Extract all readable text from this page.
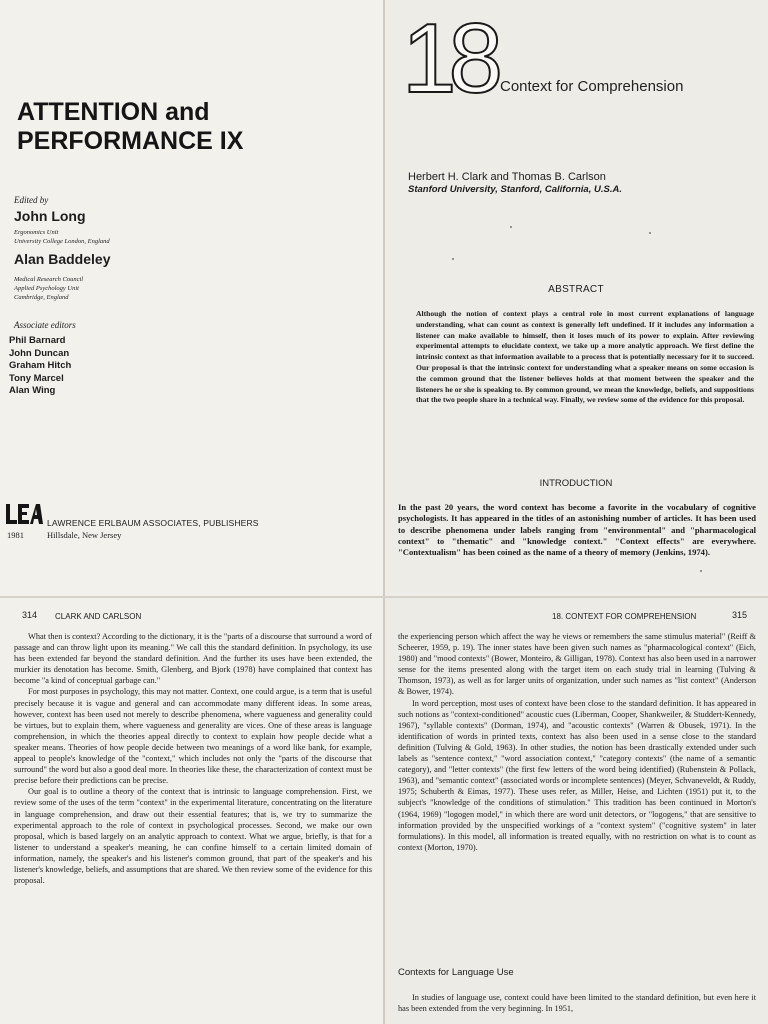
ATTENTION and
PERFORMANCE IX
Edited by
John Long
Ergonomics Unit
University College London, England
Alan Baddeley
Medical Research Council
Applied Psychology Unit
Cambridge, England
Associate editors
Phil Barnard
John Duncan
Graham Hitch
Tony Marcel
Alan Wing
LAWRENCE ERLBAUM ASSOCIATES, PUBLISHERS
1981	Hillsdale, New Jersey
18 Context for Comprehension
Herbert H. Clark and Thomas B. Carlson
Stanford University, Stanford, California, U.S.A.
ABSTRACT

Although the notion of context plays a central role in most current explanations of language understanding, what can count as context is generally left undefined. If it includes any information a listener can make available to himself, then it loses much of its power to explain. After reviewing experimental attempts to elucidate context, we take up a more analytic approach. We first define the intrinsic context as that information available to a process that is potentially necessary for it to succeed. Our proposal is that the intrinsic context for understanding what a speaker means on some occasion is the common ground that the listener believes holds at that moment between the speaker and the listeners he or she is speaking to. By common ground, we mean the knowledge, beliefs, and suppositions that the two people share in a technical way. Finally, we review some of the evidence for this proposal.

INTRODUCTION

In the past 20 years, the word context has become a favorite in the vocabulary of cognitive psychologists. It has appeared in the titles of an astonishing number of articles. It has been used to describe phenomena under labels ranging from "environmental" and "pharmacological context" to "thematic" and "knowledge context." "Context effects" are everywhere. "Contextualism" has been coined as the name of a theory of memory (Jenkins, 1974).

314 CLARK AND CARLSON

What then is context? According to the dictionary, it is the "parts of a discourse that surround a word of passage and can throw light upon its meaning." We call this the standard definition. In psychology, its use has been extended far beyond the standard definition. And the further its uses have been extended, the murkier its denotation has become. Smith, Glenberg, and Bjork (1978) have complained that context has become "a kind of conceptual garbage can."

For most purposes in psychology, this may not matter. Context, one could argue, is a term that is useful precisely because it is vague and general and can accommodate many different ideas. In some areas, however, context has been used not merely to describe phenomena, where vagueness and generality could be virtues, but to explain them, where vagueness and generality are vices. One of these areas is language comprehension, in which the theories appeal directly to context to explain how people decide what a speaker means. Theories of how people decide between two meanings of a word like bank, for example, appeal to people's knowledge of the "context," which includes not only the "parts of the discourse that surround" the word but also a good deal more. In theories like these, the characterization of context must be precise before their predictions can be precise.

Our goal is to outline a theory of the context that is intrinsic to language comprehension. First, we review some of the uses of the term "context" in the experimental literature, concentrating on the literature in language comprehension, and draw out their essential features; that is, we try to summarize the experimental approach to the role of context in psychological processes. Second, we make our own proposal, which is based largely on an analytic approach to context. What we argue, briefly, is that for a listener to understand a speaker's meaning, he can confine himself to a certain limited domain of information, namely, the speaker's and his listener's common ground, that part of the speaker's and his listener's knowledge, beliefs, and assumptions that are shared. We then review some of the evidence for this proposal.

18. CONTEXT FOR COMPREHENSION	315

the experiencing person which affect the way he views or remembers the same stimulus material" (Reiff & Scheerer, 1959, p. 19). The inner states have been given such names as "pharmacological context" (Eich, 1980) and "mood contexts" (Bower, Monteiro, & Gilligan, 1978). Context has also been used in a narrower sense for the items presented along with the target item on each study trial in learning (Tulving & Thomson, 1973), as well as for larger units of organization, under such names as "list context" (Anderson & Bower, 1974).

In word perception, most uses of context have been close to the standard definition. It has appeared in such notions as "context-conditioned" acoustic cues (Liberman, Cooper, Shankweiler, & Studdert-Kennedy, 1967), "syllable contexts" (Dorman, 1974), and "acoustic contexts" (Warren & Obusek, 1971). In the identification of words in printed texts, context has also been used in a sense close to the standard definition (Tulving & Gold, 1963). In other studies, the notion has been drastically extended under such labels as "sentence context," "word association context," "category contexts" (the name of a semantic category), and "letter contexts" (the first few letters of the word being identified) (Rubenstein & Pollack, 1963), and "semantic context" (associated words or incomplete sentences) (Meyer, Schvaneveldt, & Ruddy, 1975; Schuberth & Eimas, 1977). These uses refer, as Miller, Heise, and Lichten (1951) put it, to the subject's "knowledge of the conditions of stimulation." This tradition has been continued in Morton's (1964, 1969) "logogen model," in which there are word unit detectors, or "logogens," that are sensitive to information provided by the unspecified workings of a "context system" ("cognitive system" in later formulations). In this model, all information is treated equally, with no restriction on what is to count as context (Morton, 1970).

Contexts for Language Use

In studies of language use, context could have been limited to the standard definition, but even here it has been extended from the very beginning. In 1951,
